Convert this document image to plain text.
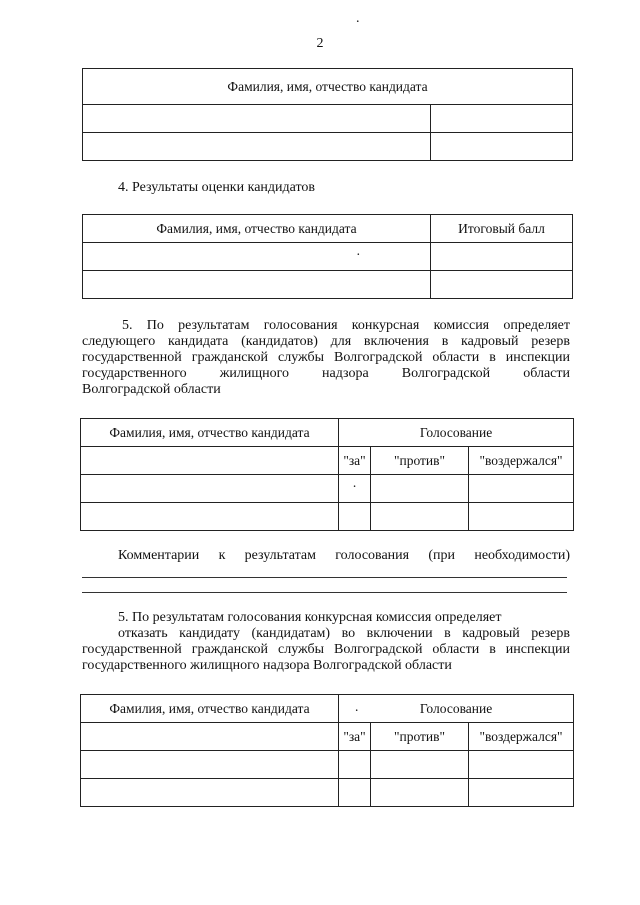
.
2
Фамилия, имя, отчество кандидата	

4. Результаты оценки кандидатов
Фамилия, имя, отчество кандидата	Итоговый балл
.	

5. По результатам голосования конкурсная комиссия определяет

следующего кандидата (кандидатов) для включения в кадровый резерв

государственной гражданской службы Волгоградской области в инспекции

государственного жилищного надзора Волгоградской области

Волгоградской области

Фамилия, имя, отчество кандидата	Голосование		
	"за"	"против"	"воздержался"
	.		

Комментарии к результатам голосования (при необходимости)

5. По результатам голосования конкурсная комиссия определяет

отказать кандидату (кандидатам) во включении в кадровый резерв

государственной гражданской службы Волгоградской области в инспекции

государственного жилищного надзора Волгоградской области

Фамилия, имя, отчество кандидата	. Голосование		
	"за"	"против"	"воздержался"
